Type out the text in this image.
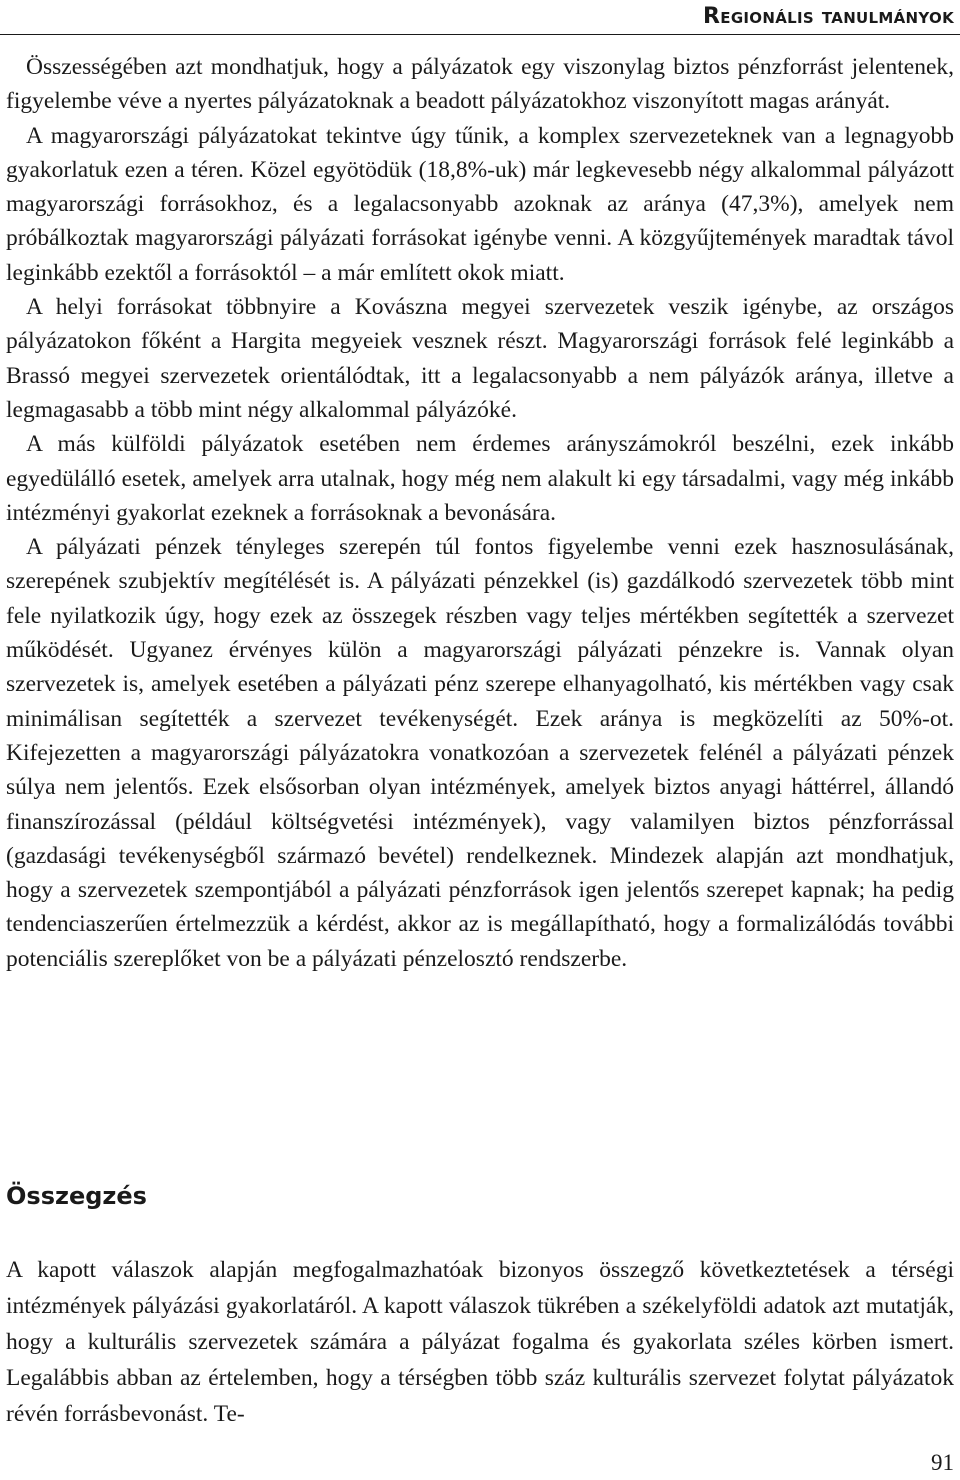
Regionális tanulmányok

Összességében azt mondhatjuk, hogy a pályázatok egy viszonylag biztos pénzforrást jelentenek, figyelembe véve a nyertes pályázatoknak a beadott pályázatokhoz viszonyított magas arányát.

A magyarországi pályázatokat tekintve úgy tűnik, a komplex szervezeteknek van a legnagyobb gyakorlatuk ezen a téren. Közel egyötödük (18,8%-uk) már legkevesebb négy alkalommal pályázott magyarországi forrásokhoz, és a legalacsonyabb azoknak az aránya (47,3%), amelyek nem próbálkoztak magyarországi pályázati forrásokat igénybe venni. A közgyűjtemények maradtak távol leginkább ezektől a forrásoktól – a már említett okok miatt.

A helyi forrásokat többnyire a Kovászna megyei szervezetek veszik igénybe, az országos pályázatokon főként a Hargita megyeiek vesznek részt. Magyarországi források felé leginkább a Brassó megyei szervezetek orientálódtak, itt a legalacsonyabb a nem pályázók aránya, illetve a legmagasabb a több mint négy alkalommal pályázóké.

A más külföldi pályázatok esetében nem érdemes arányszámokról beszélni, ezek inkább egyedülálló esetek, amelyek arra utalnak, hogy még nem alakult ki egy társadalmi, vagy még inkább intézményi gyakorlat ezeknek a forrásoknak a bevonására.

A pályázati pénzek tényleges szerepén túl fontos figyelembe venni ezek hasznosulásának, szerepének szubjektív megítélését is. A pályázati pénzekkel (is) gazdálkodó szervezetek több mint fele nyilatkozik úgy, hogy ezek az összegek részben vagy teljes mértékben segítették a szervezet működését. Ugyanez érvényes külön a magyarországi pályázati pénzekre is. Vannak olyan szervezetek is, amelyek esetében a pályázati pénz szerepe elhanyagolható, kis mértékben vagy csak minimálisan segítették a szervezet tevékenységét. Ezek aránya is megközelíti az 50%-ot. Kifejezetten a magyarországi pályázatokra vonatkozóan a szervezetek felénél a pályázati pénzek súlya nem jelentős. Ezek elsősorban olyan intézmények, amelyek biztos anyagi háttérrel, állandó finanszírozással (például költségvetési intézmények), vagy valamilyen biztos pénzforrással (gazdasági tevékenységből származó bevétel) rendelkeznek. Mindezek alapján azt mondhatjuk, hogy a szervezetek szempontjából a pályázati pénzforrások igen jelentős szerepet kapnak; ha pedig tendenciaszerűen értelmezzük a kérdést, akkor az is megállapítható, hogy a formalizálódás további potenciális szereplőket von be a pályázati pénzelosztó rendszerbe.

Összegzés

A kapott válaszok alapján megfogalmazhatóak bizonyos összegző következtetések a térségi intézmények pályázási gyakorlatáról. A kapott válaszok tükrében a székelyföldi adatok azt mutatják, hogy a kulturális szervezetek számára a pályázat fogalma és gyakorlata széles körben ismert. Legalábbis abban az értelemben, hogy a térségben több száz kulturális szervezet folytat pályázatok révén forrásbevonást. Te-

91
